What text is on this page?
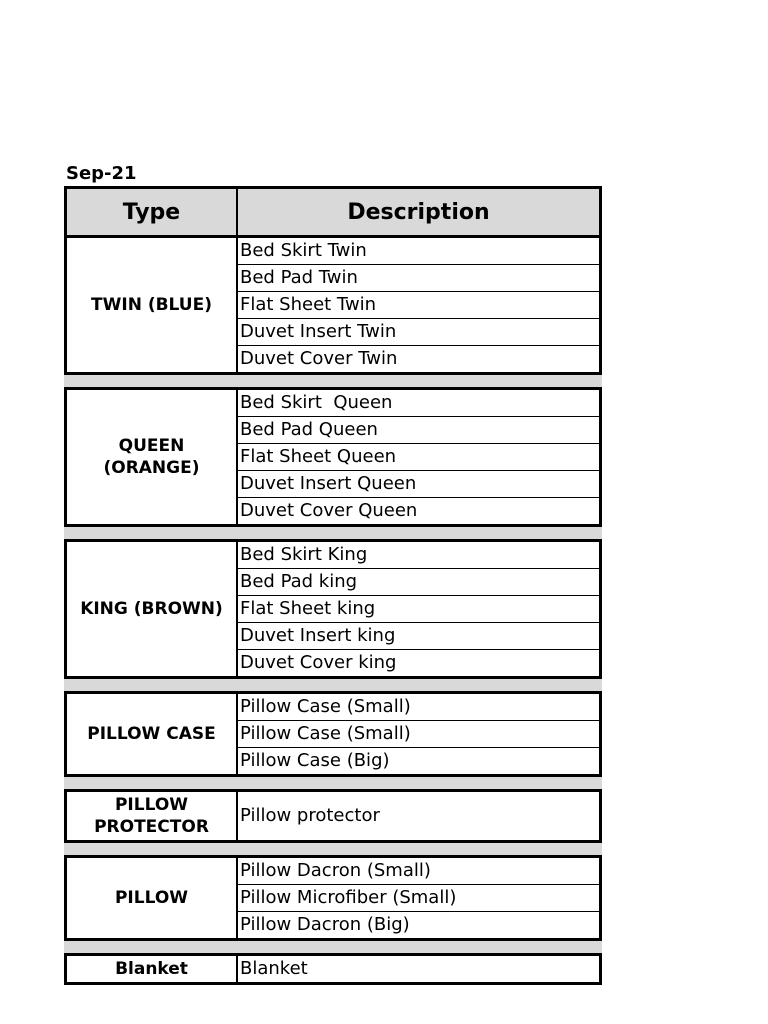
Sep-21
Type	Description
TWIN (BLUE)
Bed Skirt Twin
Bed Pad Twin
Flat Sheet Twin
Duvet Insert Twin
Duvet Cover Twin
QUEEN
(ORANGE)
Bed Skirt  Queen
Bed Pad Queen
Flat Sheet Queen
Duvet Insert Queen
Duvet Cover Queen
KING (BROWN)
Bed Skirt King
Bed Pad king
Flat Sheet king
Duvet Insert king
Duvet Cover king
PILLOW CASE
Pillow Case (Small)
Pillow Case (Small)
Pillow Case (Big)
PILLOW
PROTECTOR
Pillow protector
PILLOW
Pillow Dacron (Small)
Pillow Microfiber (Small)
Pillow Dacron (Big)
Blanket	Blanket
